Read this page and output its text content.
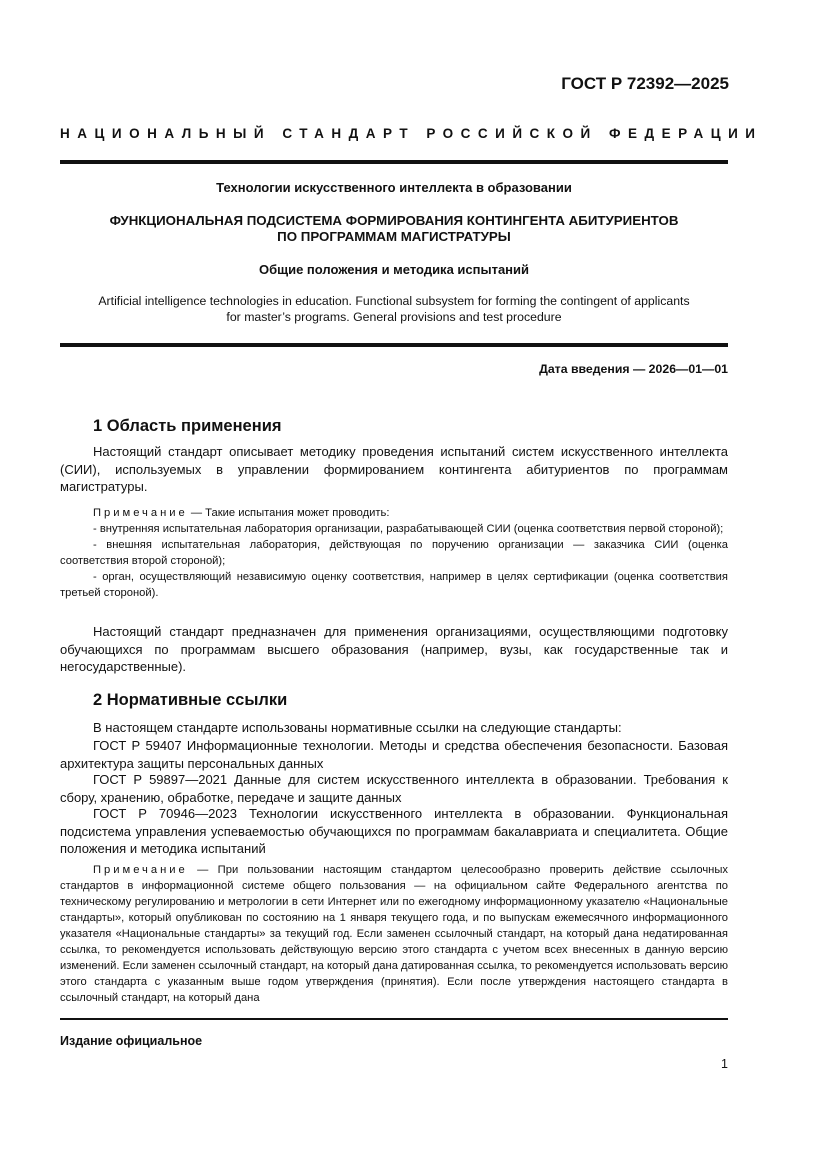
ГОСТ Р 72392—2025
НАЦИОНАЛЬНЫЙ СТАНДАРТ РОССИЙСКОЙ ФЕДЕРАЦИИ
Технологии искусственного интеллекта в образовании
ФУНКЦИОНАЛЬНАЯ ПОДСИСТЕМА ФОРМИРОВАНИЯ КОНТИНГЕНТА АБИТУРИЕНТОВ
ПО ПРОГРАММАМ МАГИСТРАТУРЫ
Общие положения и методика испытаний
Artificial intelligence technologies in education. Functional subsystem for forming the contingent of applicants
for master’s programs. General provisions and test procedure
Дата введения — 2026—01—01
1 Область применения
Настоящий стандарт описывает методику проведения испытаний систем искусственного интеллекта (СИИ), используемых в управлении формированием контингента абитуриентов по программам магистратуры.
Примечание — Такие испытания может проводить:
- внутренняя испытательная лаборатория организации, разрабатывающей СИИ (оценка соответствия первой стороной);
- внешняя испытательная лаборатория, действующая по поручению организации — заказчика СИИ (оценка соответствия второй стороной);
- орган, осуществляющий независимую оценку соответствия, например в целях сертификации (оценка соответствия третьей стороной).
Настоящий стандарт предназначен для применения организациями, осуществляющими подготовку обучающихся по программам высшего образования (например, вузы, как государственные так и негосударственные).
2 Нормативные ссылки
В настоящем стандарте использованы нормативные ссылки на следующие стандарты:
ГОСТ Р 59407 Информационные технологии. Методы и средства обеспечения безопасности. Базовая архитектура защиты персональных данных
ГОСТ Р 59897—2021 Данные для систем искусственного интеллекта в образовании. Требования к сбору, хранению, обработке, передаче и защите данных
ГОСТ Р 70946—2023 Технологии искусственного интеллекта в образовании. Функциональная подсистема управления успеваемостью обучающихся по программам бакалавриата и специалитета. Общие положения и методика испытаний
Примечание — При пользовании настоящим стандартом целесообразно проверить действие ссылочных стандартов в информационной системе общего пользования — на официальном сайте Федерального агентства по техническому регулированию и метрологии в сети Интернет или по ежегодному информационному указателю «Национальные стандарты», который опубликован по состоянию на 1 января текущего года, и по выпускам ежемесячного информационного указателя «Национальные стандарты» за текущий год. Если заменен ссылочный стандарт, на который дана недатированная ссылка, то рекомендуется использовать действующую версию этого стандарта с учетом всех внесенных в данную версию изменений. Если заменен ссылочный стандарт, на который дана датированная ссылка, то рекомендуется использовать версию этого стандарта с указанным выше годом утверждения (принятия). Если после утверждения настоящего стандарта в ссылочный стандарт, на который дана
Издание официальное
1
